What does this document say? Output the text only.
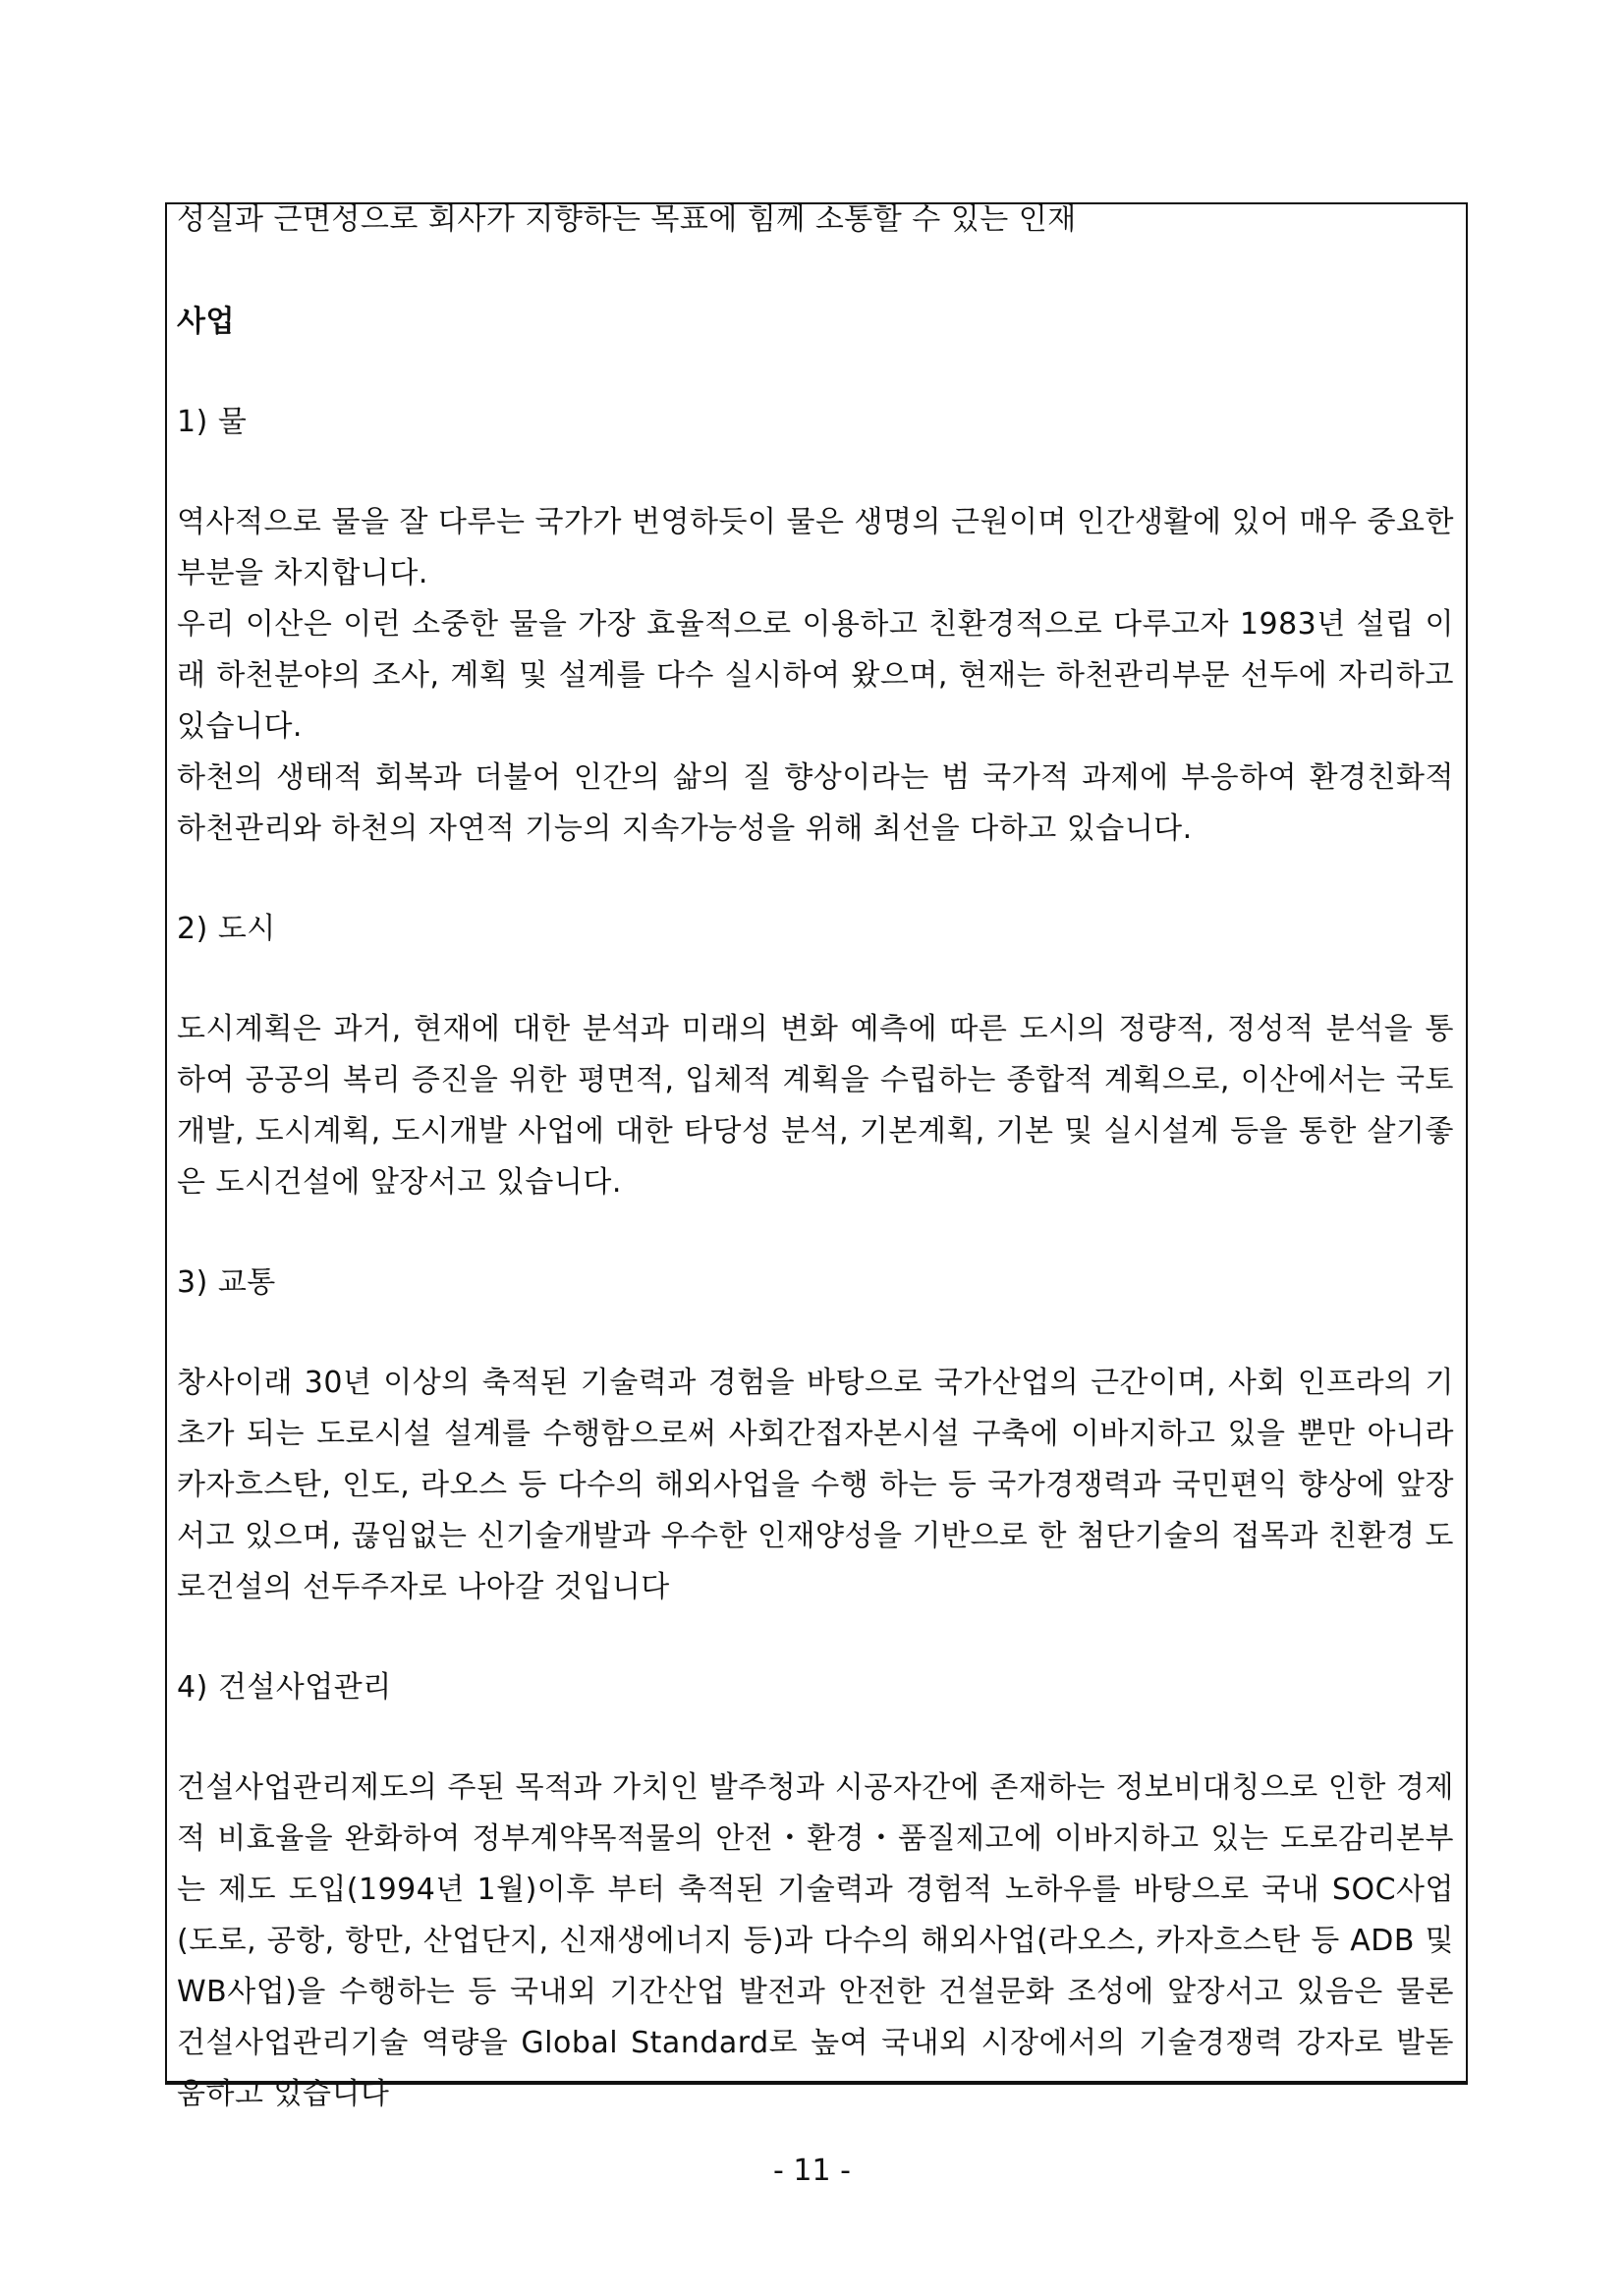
성실과 근면성으로 회사가 지향하는 목표에 힘께 소통할 수 있는 인재

사업

1) 물

역사적으로 물을 잘 다루는 국가가 번영하듯이 물은 생명의 근원이며 인간생활에 있어 매우 중요한 부분을 차지합니다.

우리 이산은 이런 소중한 물을 가장 효율적으로 이용하고 친환경적으로 다루고자 1983년 설립 이래 하천분야의 조사, 계획 및 설계를 다수 실시하여 왔으며, 현재는 하천관리부문 선두에 자리하고 있습니다.

하천의 생태적 회복과 더불어 인간의 삶의 질 향상이라는 범 국가적 과제에 부응하여 환경친화적 하천관리와 하천의 자연적 기능의 지속가능성을 위해 최선을 다하고 있습니다.

2) 도시

도시계획은 과거, 현재에 대한 분석과 미래의 변화 예측에 따른 도시의 정량적, 정성적 분석을 통하여 공공의 복리 증진을 위한 평면적, 입체적 계획을 수립하는 종합적 계획으로, 이산에서는 국토개발, 도시계획, 도시개발 사업에 대한 타당성 분석, 기본계획, 기본 및 실시설계 등을 통한 살기좋은 도시건설에 앞장서고 있습니다.

3) 교통

창사이래 30년 이상의 축적된 기술력과 경험을 바탕으로 국가산업의 근간이며, 사회 인프라의 기초가 되는 도로시설 설계를 수행함으로써 사회간접자본시설 구축에 이바지하고 있을 뿐만 아니라 카자흐스탄, 인도, 라오스 등 다수의 해외사업을 수행 하는 등 국가경쟁력과 국민편익 향상에 앞장서고 있으며, 끊임없는 신기술개발과 우수한 인재양성을 기반으로 한 첨단기술의 접목과 친환경 도로건설의 선두주자로 나아갈 것입니다

4) 건설사업관리

건설사업관리제도의 주된 목적과 가치인 발주청과 시공자간에 존재하는 정보비대칭으로 인한 경제적 비효율을 완화하여 정부계약목적물의 안전・환경・품질제고에 이바지하고 있는 도로감리본부는 제도 도입(1994년 1월)이후 부터 축적된 기술력과 경험적 노하우를 바탕으로 국내 SOC사업(도로, 공항, 항만, 산업단지, 신재생에너지 등)과 다수의 해외사업(라오스, 카자흐스탄 등 ADB 및 WB사업)을 수행하는 등 국내외 기간산업 발전과 안전한 건설문화 조성에 앞장서고 있음은 물론 건설사업관리기술 역량을 Global Standard로 높여 국내외 시장에서의 기술경쟁력 강자로 발돋움하고 있습니다

- 11 -
